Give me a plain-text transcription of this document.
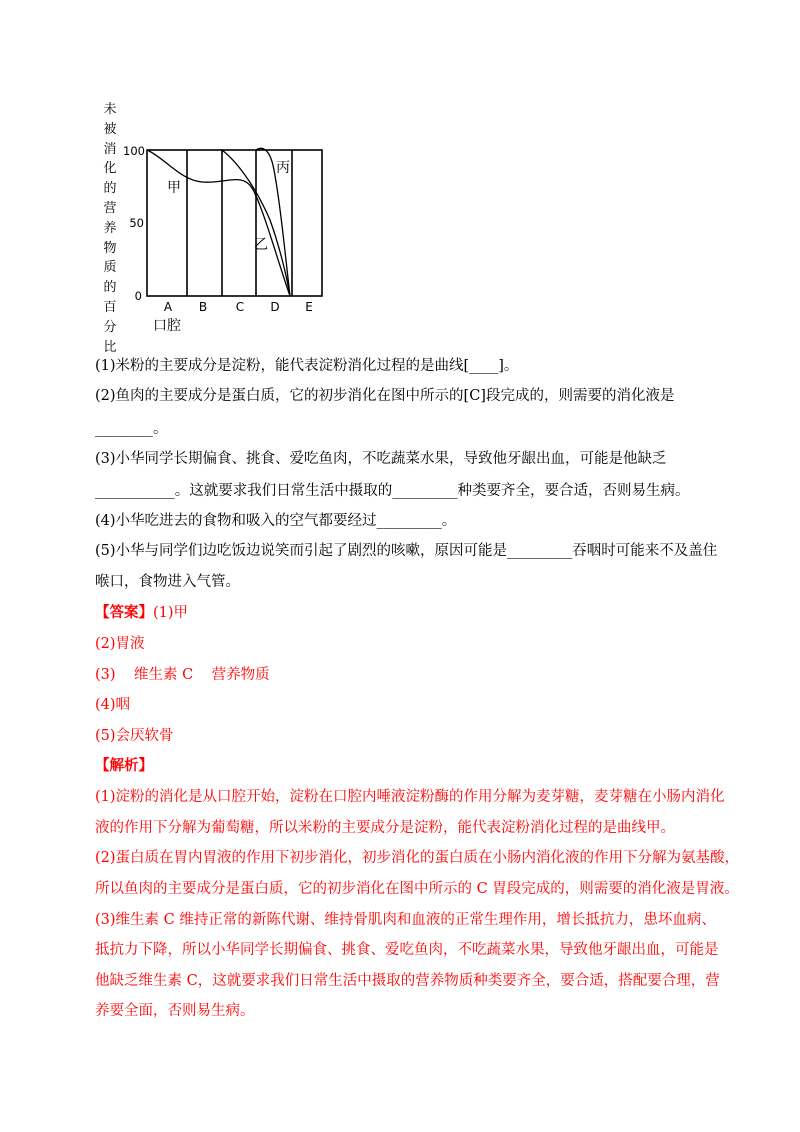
100
50
0
A B C D E
口腔
甲
乙
丙
未被消化的营养物质的百分比
(1)米粉的主要成分是淀粉，能代表淀粉消化过程的是曲线[____]。
(2)鱼肉的主要成分是蛋白质，它的初步消化在图中所示的[C]段完成的，则需要的消化液是
________。
(3)小华同学长期偏食、挑食、爱吃鱼肉，不吃蔬菜水果，导致他牙龈出血，可能是他缺乏
___________。这就要求我们日常生活中摄取的_________种类要齐全，要合适，否则易生病。
(4)小华吃进去的食物和吸入的空气都要经过_________。
(5)小华与同学们边吃饭边说笑而引起了剧烈的咳嗽，原因可能是_________吞咽时可能来不及盖住
喉口，食物进入气管。
【答案】(1)甲
(2)胃液
(3)    维生素 C    营养物质
(4)咽
(5)会厌软骨
【解析】
(1)淀粉的消化是从口腔开始，淀粉在口腔内唾液淀粉酶的作用分解为麦芽糖，麦芽糖在小肠内消化
液的作用下分解为葡萄糖，所以米粉的主要成分是淀粉，能代表淀粉消化过程的是曲线甲。
(2)蛋白质在胃内胃液的作用下初步消化，初步消化的蛋白质在小肠内消化液的作用下分解为氨基酸，
所以鱼肉的主要成分是蛋白质，它的初步消化在图中所示的 C 胃段完成的，则需要的消化液是胃液。
(3)维生素 C 维持正常的新陈代谢、维持骨肌肉和血液的正常生理作用，增长抵抗力，患坏血病、
抵抗力下降，所以小华同学长期偏食、挑食、爱吃鱼肉，不吃蔬菜水果，导致他牙龈出血，可能是
他缺乏维生素 C，这就要求我们日常生活中摄取的营养物质种类要齐全，要合适，搭配要合理，营
养要全面，否则易生病。
